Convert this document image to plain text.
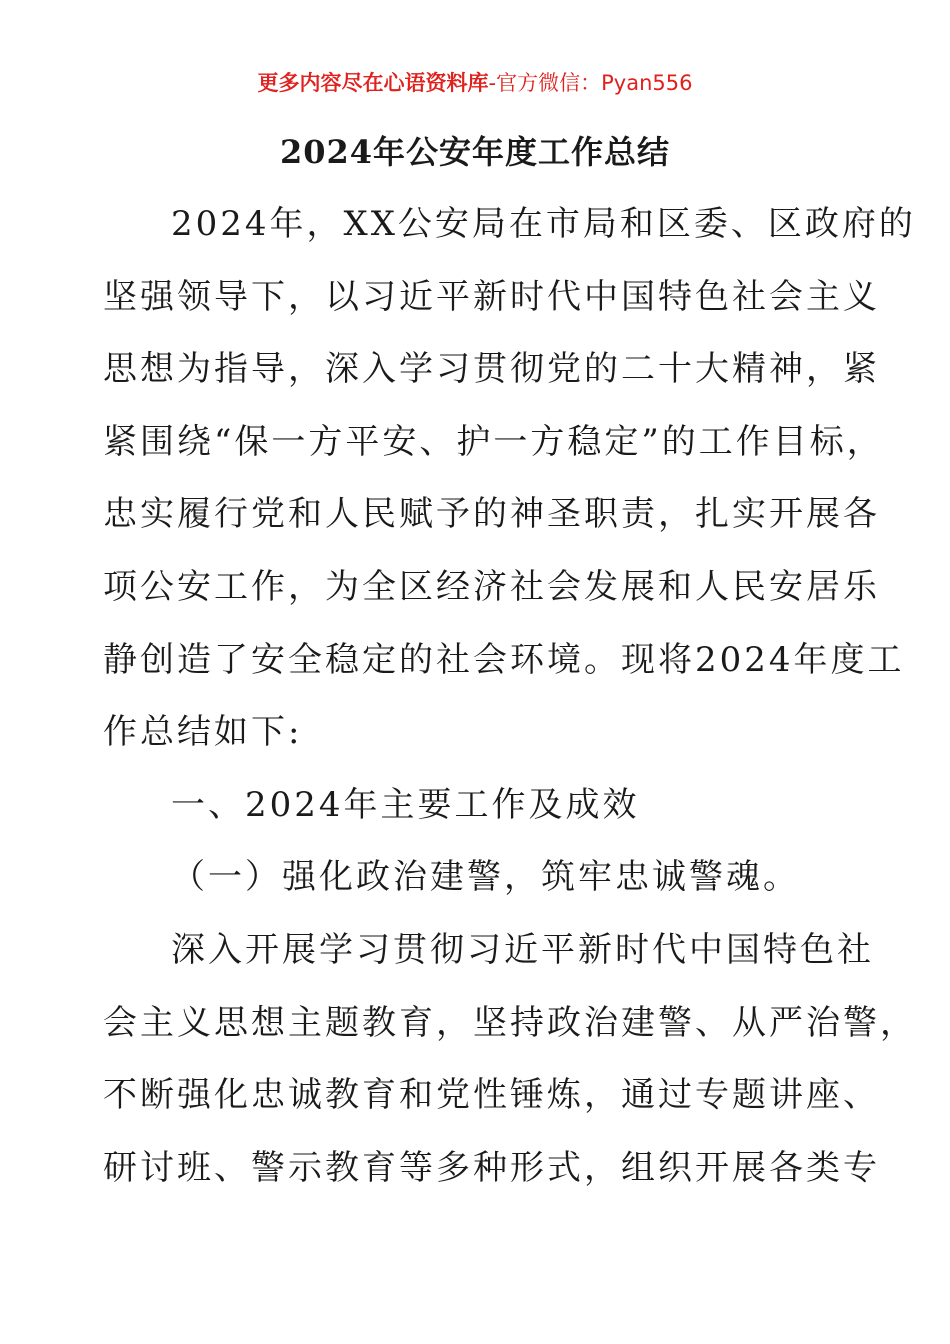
更多内容尽在心语资料库-官方微信：Pyan556
2024年公安年度工作总结
2024年，XX公安局在市局和区委、区政府的
坚强领导下，以习近平新时代中国特色社会主义
思想为指导，深入学习贯彻党的二十大精神，紧
紧围绕“保一方平安、护一方稳定”的工作目标，
忠实履行党和人民赋予的神圣职责，扎实开展各
项公安工作，为全区经济社会发展和人民安居乐
静创造了安全稳定的社会环境。现将2024年度工
作总结如下:
一、2024年主要工作及成效
（一）强化政治建警，筑牢忠诚警魂。
深入开展学习贯彻习近平新时代中国特色社
会主义思想主题教育，坚持政治建警、从严治警，
不断强化忠诚教育和党性锤炼，通过专题讲座、
研讨班、警示教育等多种形式，组织开展各类专
